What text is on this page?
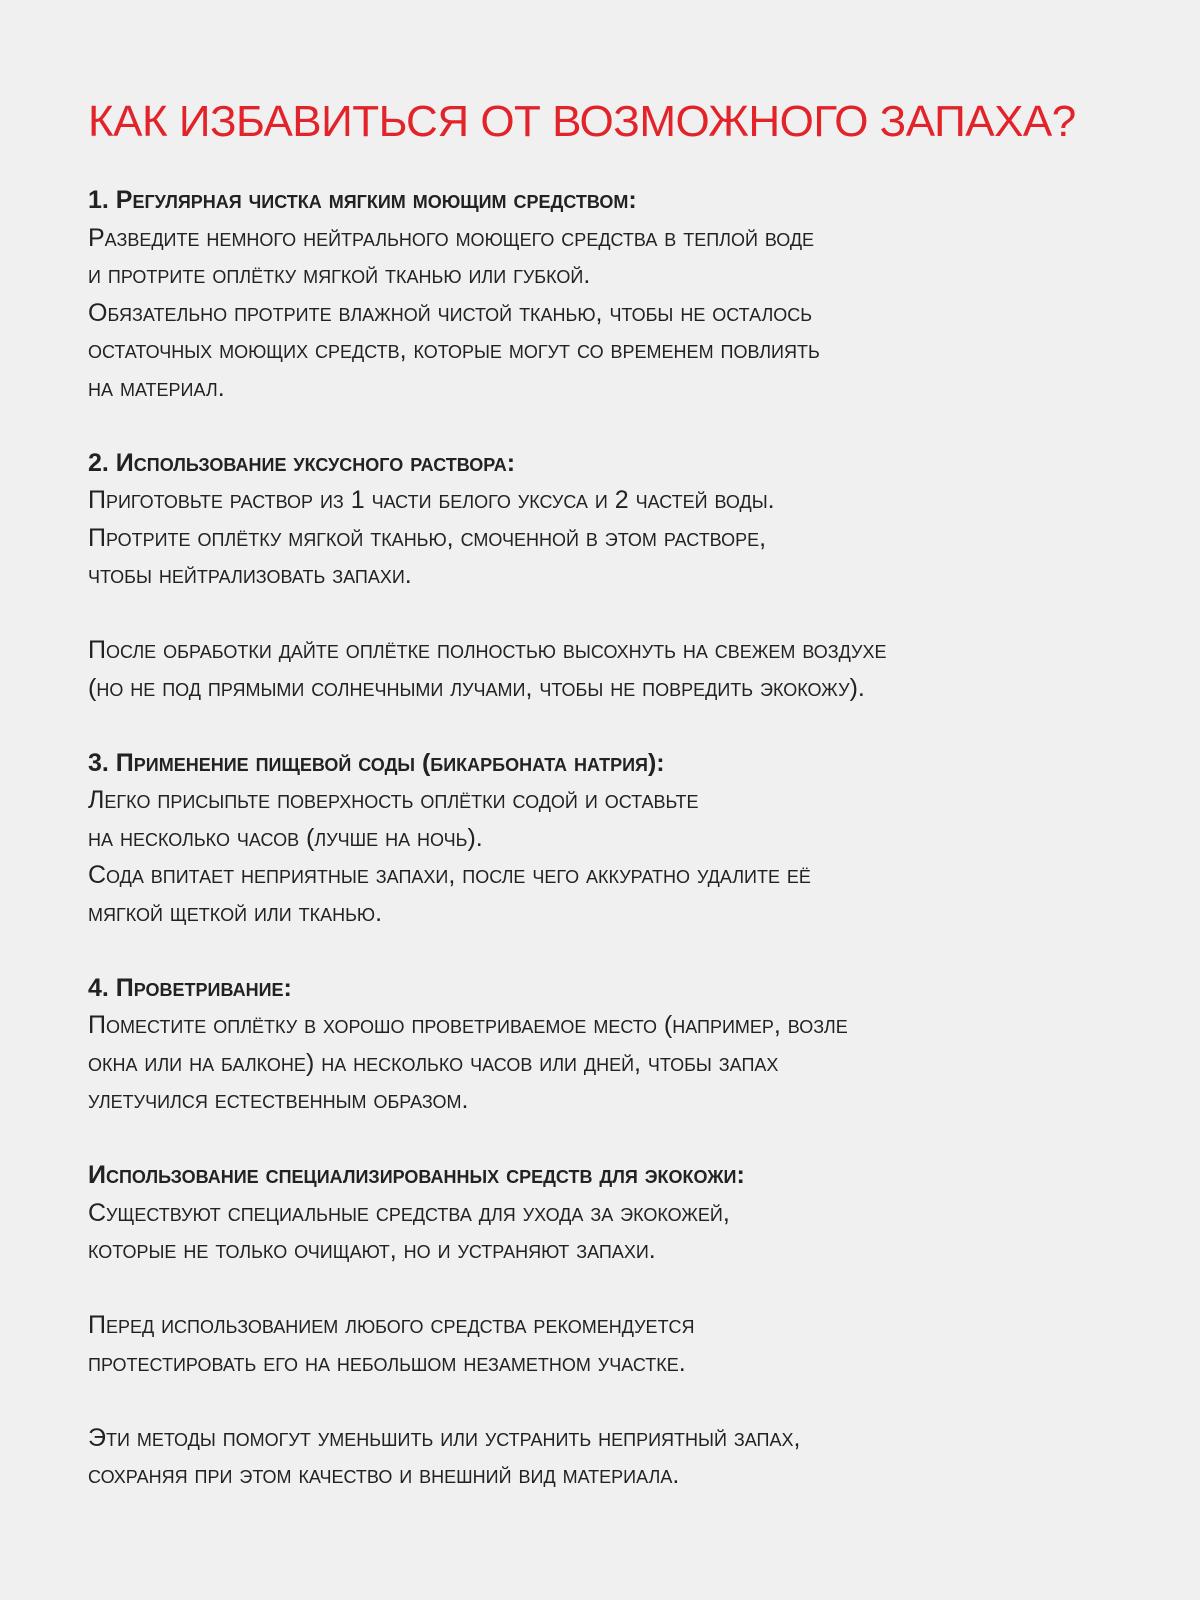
КАК ИЗБАВИТЬСЯ ОТ ВОЗМОЖНОГО ЗАПАХА?
1. Регулярная чистка мягким моющим средством:
Разведите немного нейтрального моющего средства в теплой воде
и протрите оплётку мягкой тканью или губкой.
Обязательно протрите влажной чистой тканью, чтобы не осталось
остаточных моющих средств, которые могут со временем повлиять
на материал.
2. Использование уксусного раствора:
Приготовьте раствор из 1 части белого уксуса и 2 частей воды.
Протрите оплётку мягкой тканью, смоченной в этом растворе,
чтобы нейтрализовать запахи.
После обработки дайте оплётке полностью высохнуть на свежем воздухе
(но не под прямыми солнечными лучами, чтобы не повредить экокожу).
3. Применение пищевой соды (бикарбоната натрия):
Легко присыпьте поверхность оплётки содой и оставьте
на несколько часов (лучше на ночь).
Сода впитает неприятные запахи, после чего аккуратно удалите её
мягкой щеткой или тканью.
4. Проветривание:
Поместите оплётку в хорошо проветриваемое место (например, возле
окна или на балконе) на несколько часов или дней, чтобы запах
улетучился естественным образом.
Использование специализированных средств для экокожи:
Существуют специальные средства для ухода за экокожей,
которые не только очищают, но и устраняют запахи.
Перед использованием любого средства рекомендуется
протестировать его на небольшом незаметном участке.
Эти методы помогут уменьшить или устранить неприятный запах,
сохраняя при этом качество и внешний вид материала.
